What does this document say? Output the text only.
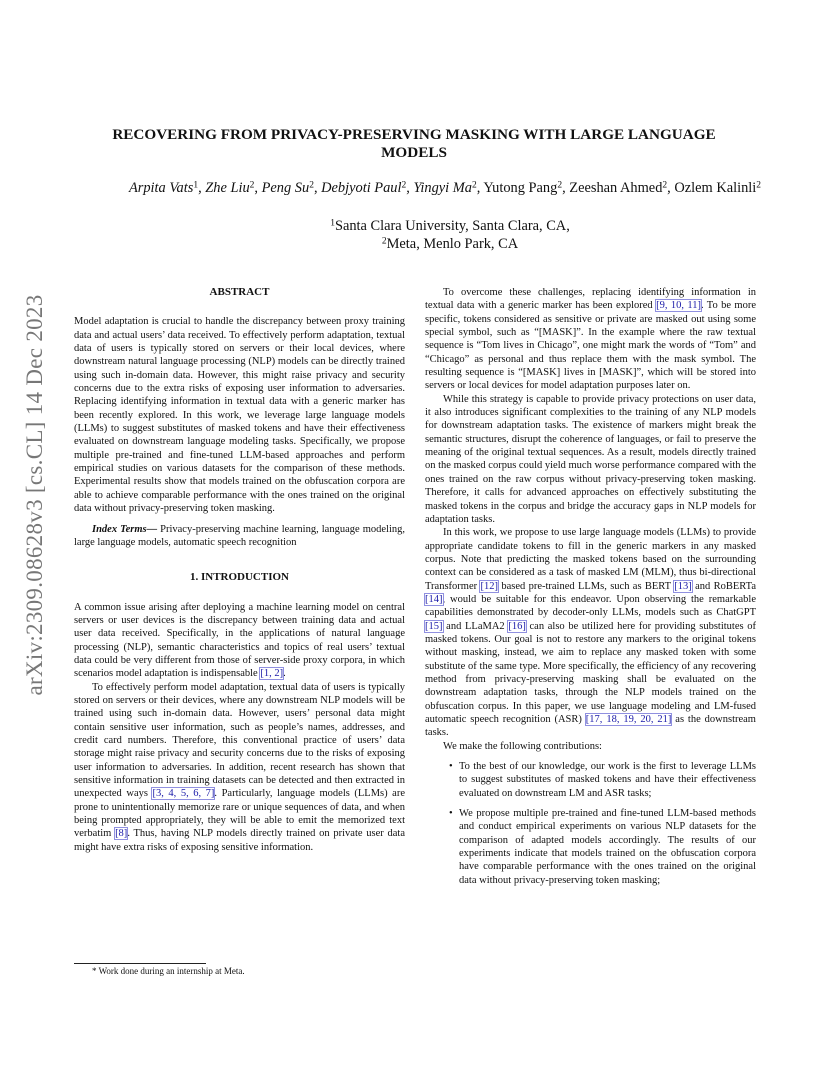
arXiv:2309.08628v3 [cs.CL] 14 Dec 2023
RECOVERING FROM PRIVACY-PRESERVING MASKING WITH LARGE LANGUAGE
MODELS
Arpita Vats$^1$, Zhe Liu$^2$, Peng Su$^2$, Debjyoti Paul$^2$, Yingyi Ma$^2$, Yutong Pang$^2$, Zeeshan Ahmed$^2$, Ozlem Kalinli$^2$
$^1$Santa Clara University, Santa Clara, CA,
$^2$Meta, Menlo Park, CA

ABSTRACT

Model adaptation is crucial to handle the discrepancy between proxy training data and actual users’ data received. To effectively perform adaptation, textual data of users is typically stored on servers or their local devices, where downstream natural language processing (NLP) models can be directly trained using such in-domain data. However, this might raise privacy and security concerns due to the extra risks of exposing user information to adversaries. Replacing identifying information in textual data with a generic marker has been recently explored. In this work, we leverage large language models (LLMs) to suggest substitutes of masked tokens and have their effectiveness evaluated on downstream language modeling tasks. Specifically, we propose multiple pre-trained and fine-tuned LLM-based approaches and perform empirical studies on various datasets for the comparison of these methods. Experimental results show that models trained on the obfuscation corpora are able to achieve comparable performance with the ones trained on the original data without privacy-preserving token masking.

Index Terms— Privacy-preserving machine learning, language modeling, large language models, automatic speech recognition

1. INTRODUCTION

A common issue arising after deploying a machine learning model on central servers or user devices is the discrepancy between training data and actual user data received. Specifically, in the applications of natural language processing (NLP), semantic characteristics and topics of real users’ textual data could be very different from those of server-side proxy corpora, in which scenarios model adaptation is indispensable [1, 2].

To effectively perform model adaptation, textual data of users is typically stored on servers or their devices, where any downstream NLP models will be trained using such in-domain data. However, users’ personal data might contain sensitive user information, such as people’s names, addresses, and credit card numbers. Therefore, this conventional practice of users’ data storage might raise privacy and security concerns due to the risks of exposing user information to adversaries. In addition, recent research has shown that sensitive information in training datasets can be detected and then extracted in unexpected ways [3, 4, 5, 6, 7]. Particularly, language models (LLMs) are prone to unintentionally memorize rare or unique sequences of data, and when being prompted appropriately, they will be able to emit the memorized text verbatim [8]. Thus, having NLP models directly trained on private user data might have extra risks of exposing sensitive information.

* Work done during an internship at Meta.

To overcome these challenges, replacing identifying information in textual data with a generic marker has been explored [9, 10, 11]. To be more specific, tokens considered as sensitive or private are masked out using some special symbol, such as “[MASK]”. In the example where the raw textual sequence is “Tom lives in Chicago”, one might mark the words of “Tom” and “Chicago” as personal and thus replace them with the mask symbol. The resulting sequence is “[MASK] lives in [MASK]”, which will be stored into servers or local devices for model adaptation purposes later on.

While this strategy is capable to provide privacy protections on user data, it also introduces significant complexities to the training of any NLP models for downstream adaptation tasks. The existence of markers might break the semantic structures, disrupt the coherence of languages, or fail to preserve the meaning of the original textual sequences. As a result, models directly trained on the masked corpus could yield much worse performance compared with the ones trained on the raw corpus without privacy-preserving token masking. Therefore, it calls for advanced approaches on effectively substituting the masked tokens in the corpus and bridge the accuracy gaps in NLP models for adaptation tasks.

In this work, we propose to use large language models (LLMs) to provide appropriate candidate tokens to fill in the generic markers in any masked corpus. Note that predicting the masked tokens based on the surrounding context can be considered as a task of masked LM (MLM), thus bi-directional Transformer [12] based pre-trained LLMs, such as BERT [13] and RoBERTa [14], would be suitable for this endeavor. Upon observing the remarkable capabilities demonstrated by decoder-only LLMs, models such as ChatGPT [15] and LLaMA2 [16] can also be utilized here for providing substitutes of masked tokens. Our goal is not to restore any markers to the original tokens without masking, instead, we aim to replace any masked token with some substitute of the same type. More specifically, the efficiency of any recovering method from privacy-preserving masking shall be evaluated on the downstream adaptation tasks, through the NLP models trained on the obfuscation corpus. In this paper, we use language modeling and LM-fused automatic speech recognition (ASR) [17, 18, 19, 20, 21] as the downstream tasks.

We make the following contributions:

• To the best of our knowledge, our work is the first to leverage LLMs to suggest substitutes of masked tokens and have their effectiveness evaluated on downstream LM and ASR tasks;
• We propose multiple pre-trained and fine-tuned LLM-based methods and conduct empirical experiments on various NLP datasets for the comparison of adapted models accordingly. The results of our experiments indicate that models trained on the obfuscation corpora have comparable performance with the ones trained on the original data without privacy-preserving token masking;
